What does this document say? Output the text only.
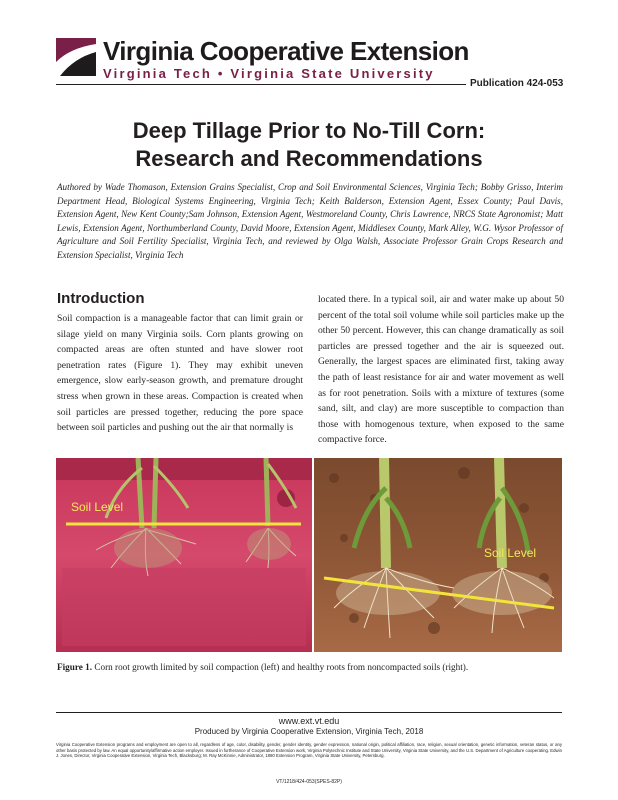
Virginia Cooperative Extension
Virginia Tech • Virginia State University
Publication 424-053
Deep Tillage Prior to No-Till Corn:
Research and Recommendations

Authored by Wade Thomason, Extension Grains Specialist, Crop and Soil Environmental Sciences, Virginia Tech; Bobby Grisso, Interim Department Head, Biological Systems Engineering, Virginia Tech; Keith Balderson, Extension Agent, Essex County; Paul Davis, Extension Agent, New Kent County;Sam Johnson, Extension Agent, Westmoreland County, Chris Lawrence, NRCS State Agronomist; Matt Lewis, Extension Agent, Northumberland County, David Moore, Extension Agent, Middlesex County, Mark Alley, W.G. Wysor Professor of Agriculture and Soil Fertility Specialist, Virginia Tech, and reviewed by Olga Walsh, Associate Professor Grain Crops Research and Extension Specialist, Virginia Tech

Introduction

Soil compaction is a manageable factor that can limit grain or silage yield on many Virginia soils. Corn plants growing on compacted areas are often stunted and have slower root penetration rates (Figure 1). They may exhibit uneven emergence, slow early-season growth, and premature drought stress when grown in these areas. Compaction is created when soil particles are pressed together, reducing the pore space between soil particles and pushing out the air that normally is

located there. In a typical soil, air and water make up about 50 percent of the total soil volume while soil particles make up the other 50 percent. However, this can change dramatically as soil particles are pressed together and the air is squeezed out. Generally, the largest spaces are eliminated first, taking away the path of least resistance for air and water movement as well as for root penetration. Soils with a mixture of textures (some sand, silt, and clay) are more susceptible to compaction than those with homogenous texture, when exposed to the same compactive force.

Soil Level
Soil Level

Figure 1. Corn root growth limited by soil compaction (left) and healthy roots from noncompacted soils (right).

www.ext.vt.edu
Produced by Virginia Cooperative Extension, Virginia Tech, 2018

Virginia Cooperative Extension programs and employment are open to all, regardless of age, color, disability, gender, gender identity, gender expression, national origin, political affiliation, race, religion, sexual orientation, genetic information, veteran status, or any other basis protected by law. An equal opportunity/affirmative action employer. Issued in furtherance of Cooperative Extension work, Virginia Polytechnic Institute and State University, Virginia State University, and the U.S. Department of Agriculture cooperating. Edwin J. Jones, Director, Virginia Cooperative Extension, Virginia Tech, Blacksburg; M. Ray McKinnie, Administrator, 1890 Extension Program, Virginia State University, Petersburg.

VT/1218/424-053(SPES-82P)
